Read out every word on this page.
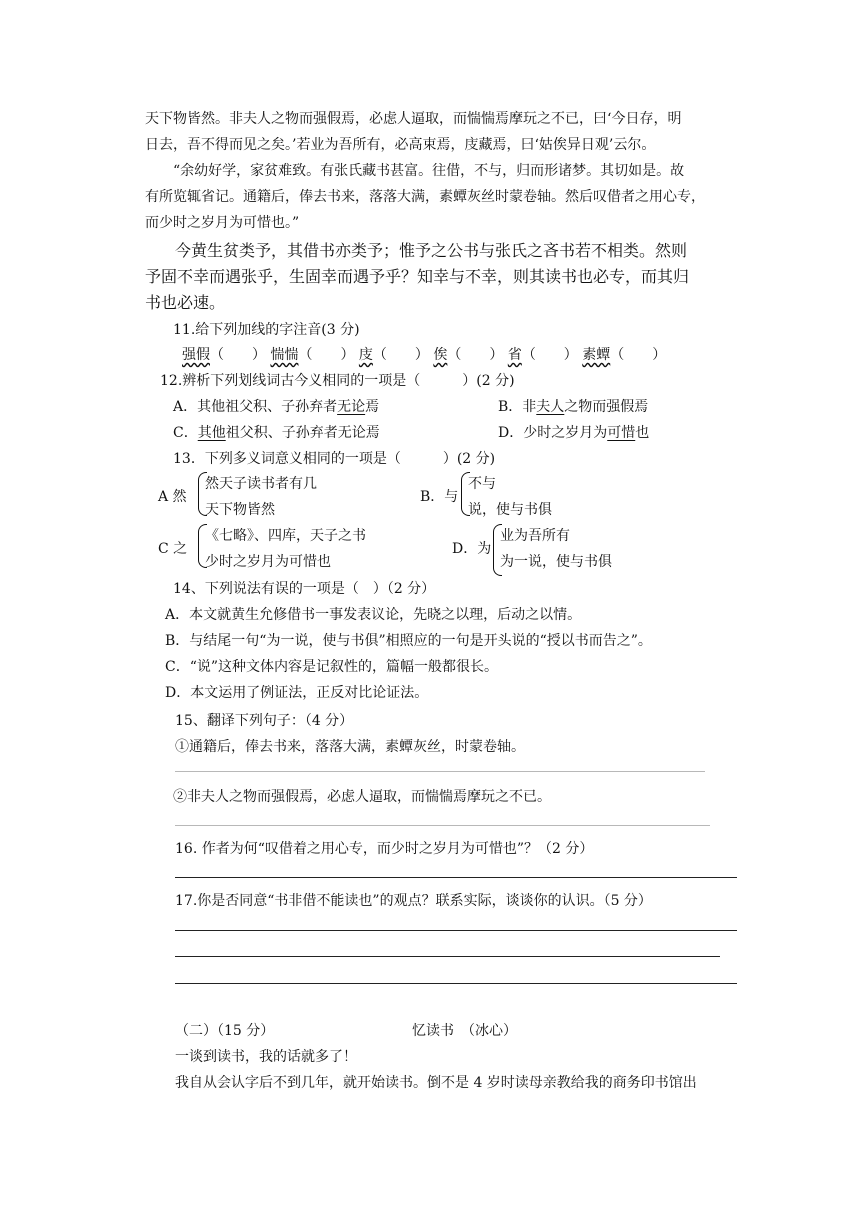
天下物皆然。非夫人之物而强假焉，必虑人逼取，而惴惴焉摩玩之不已，曰‘今日存，明
日去，吾不得而见之矣。’若业为吾所有，必高束焉，庋藏焉，曰‘姑俟异日观’云尔。
“余幼好学，家贫难致。有张氏藏书甚富。往借，不与，归而形诸梦。其切如是。故
有所览辄省记。通籍后，俸去书来，落落大满，素蟫灰丝时蒙卷轴。然后叹借者之用心专，
而少时之岁月为可惜也。”
今黄生贫类予，其借书亦类予；惟予之公书与张氏之吝书若不相类。然则
予固不幸而遇张乎，生固幸而遇予乎？知幸与不幸，则其读书也必专，而其归
书也必速。
11.给下列加线的字注音(3 分)
强假（　　） 惴惴（　　） 庋（　　） 俟（　　） 省（　　） 素蟫（　　）
12.辨析下列划线词古今义相同的一项是（　　　）(2 分)
A．其他祖父积、子孙弃者无论焉	B．非夫人之物而强假焉
C．其他祖父积、子孙弃者无论焉	D．少时之岁月为可惜也
13．下列多义词意义相同的一项是（　　　）(2 分)
A 然
然天子读书者有几
天下物皆然
B．与
不与
说，使与书俱
C 之
《七略》、四库，天子之书
少时之岁月为可惜也
D．为
业为吾所有
为一说，使与书俱
14、下列说法有误的一项是（　）（2 分）
A．本文就黄生允修借书一事发表议论，先晓之以理，后动之以情。
B．与结尾一句“为一说，使与书俱”相照应的一句是开头说的“授以书而告之”。
C．“说”这种文体内容是记叙性的，篇幅一般都很长。
D．本文运用了例证法，正反对比论证法。
15、翻译下列句子：（4 分）
①通籍后，俸去书来，落落大满，素蟫灰丝，时蒙卷轴。
②非夫人之物而强假焉，必虑人逼取，而惴惴焉摩玩之不已。
16. 作者为何“叹借着之用心专，而少时之岁月为可惜也”？（2 分）
17.你是否同意“书非借不能读也”的观点？联系实际，谈谈你的认识。（5 分）
（二）（15 分）	忆读书　（冰心）
一谈到读书，我的话就多了！
我自从会认字后不到几年，就开始读书。倒不是 4 岁时读母亲教给我的商务印书馆出
